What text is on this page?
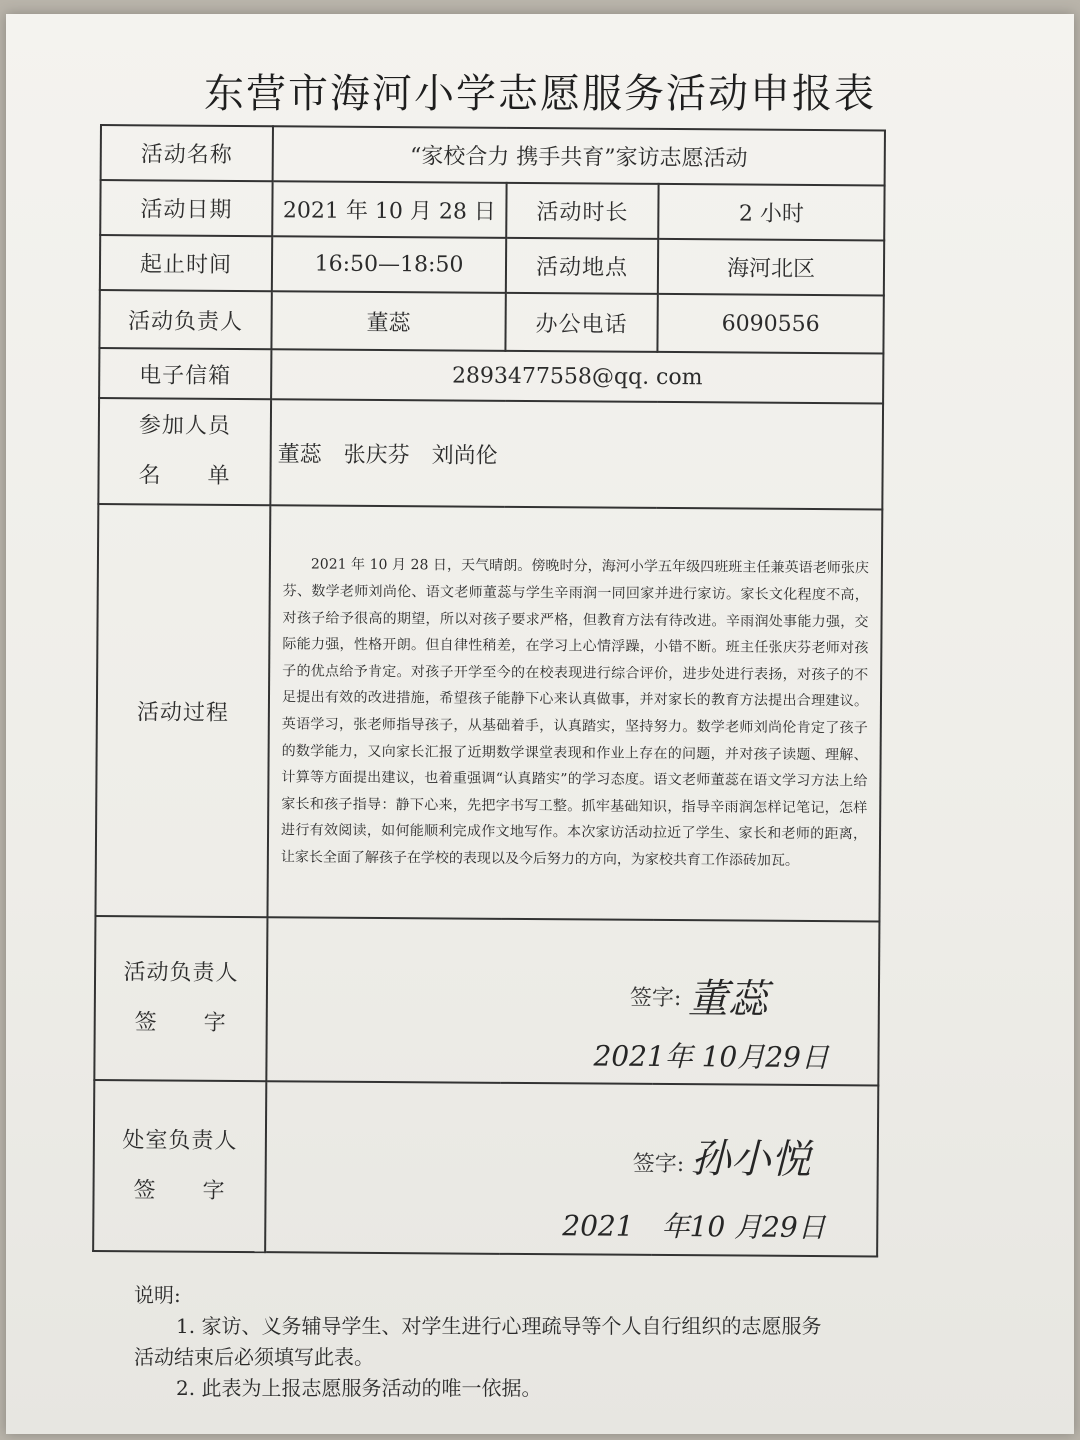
东营市海河小学志愿服务活动申报表
活动名称	“家校合力 携手共育”家访志愿活动		
活动日期	2021 年 10 月 28 日	活动时长	2 小时
起止时间	16:50—18:50	活动地点	海河北区
活动负责人	董蕊	办公电话	6090556
电子信箱	2893477558@qq. com		

参加人员
名　　单	董蕊　张庆芬　刘尚伦		
活动过程	2021 年 10 月 28 日，天气晴朗。傍晚时分，海河小学五年级四班班主任兼英语老师张庆芬、数学老师刘尚伦、语文老师董蕊与学生辛雨润一同回家并进行家访。家长文化程度不高，对孩子给予很高的期望，所以对孩子要求严格，但教育方法有待改进。辛雨润处事能力强，交际能力强，性格开朗。但自律性稍差，在学习上心情浮躁，小错不断。班主任张庆芬老师对孩子的优点给予肯定。对孩子开学至今的在校表现进行综合评价，进步处进行表扬，对孩子的不足提出有效的改进措施，希望孩子能静下心来认真做事，并对家长的教育方法提出合理建议。英语学习，张老师指导孩子，从基础着手，认真踏实，坚持努力。数学老师刘尚伦肯定了孩子的数学能力，又向家长汇报了近期数学课堂表现和作业上存在的问题，并对孩子读题、理解、计算等方面提出建议，也着重强调“认真踏实”的学习态度。语文老师董蕊在语文学习方法上给家长和孩子指导：静下心来，先把字书写工整。抓牢基础知识，指导辛雨润怎样记笔记，怎样进行有效阅读，如何能顺利完成作文地写作。本次家访活动拉近了学生、家长和老师的距离，让家长全面了解孩子在学校的表现以及今后努力的方向，为家校共育工作添砖加瓦。		

活动负责人
签　　字	签字: 董蕊
2021年 10月29日		

处室负责人
签　　字	签字: 孙小悦
2021　年10 月29日		

说明:

1. 家访、义务辅导学生、对学生进行心理疏导等个人自行组织的志愿服务

活动结束后必须填写此表。

2. 此表为上报志愿服务活动的唯一依据。
